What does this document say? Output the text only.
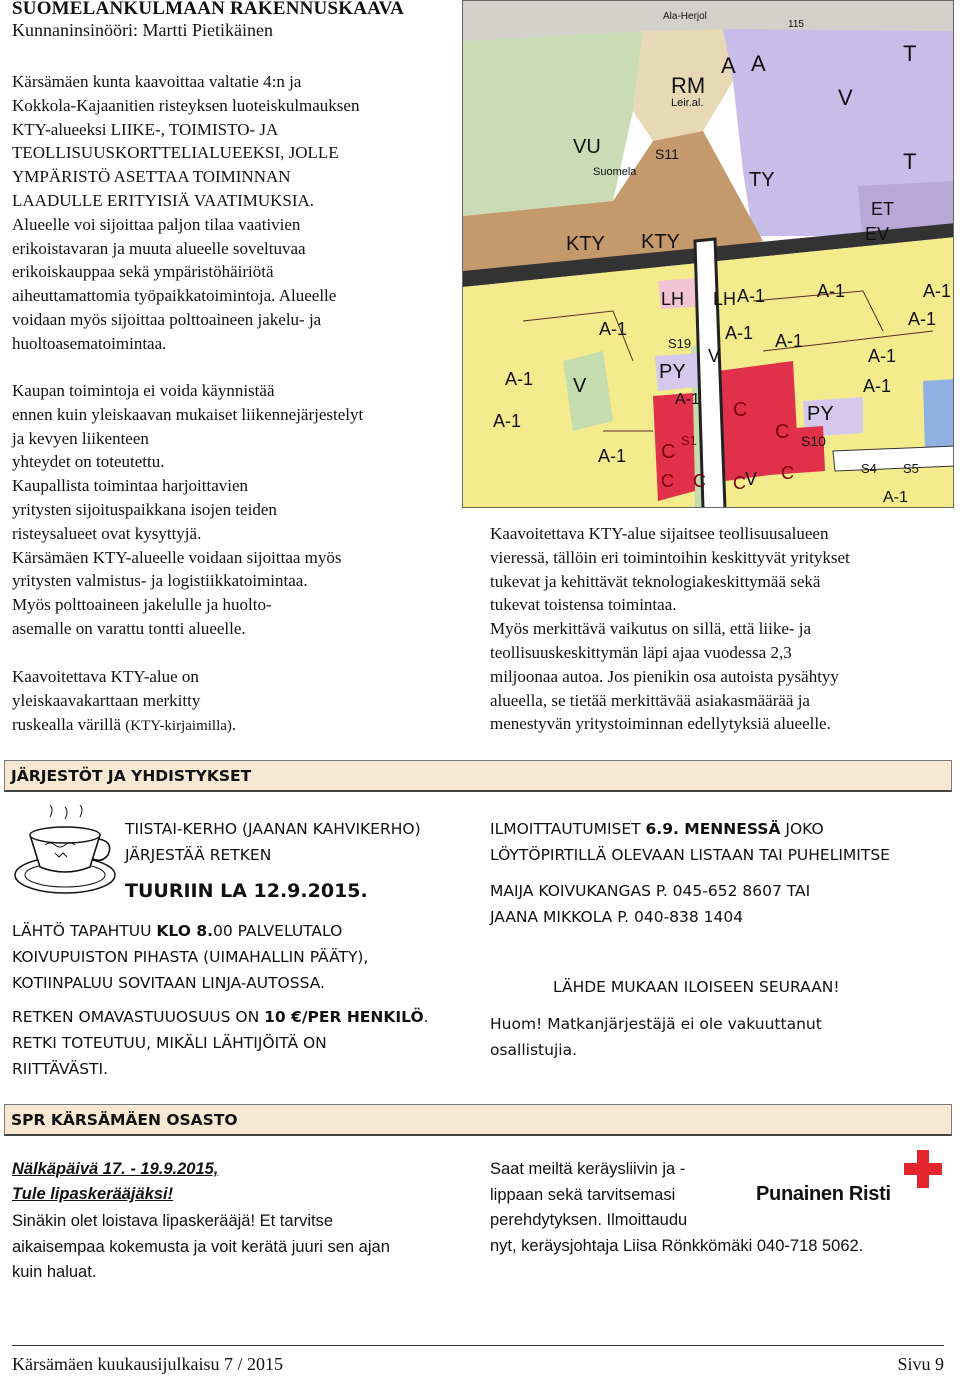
SUOMELANKULMAAN RAKENNUSKAAVA
Kunnaninsinööri: Martti Pietikäinen
Kärsämäen kunta kaavoittaa valtatie 4:n ja
Kokkola-Kajaanitien risteyksen luoteiskulmauksen
KTY-alueeksi LIIKE-, TOIMISTO- JA
TEOLLISUUSKORTTELIALUEEKSI, JOLLE
YMPÄRISTÖ ASETTAA TOIMINNAN
LAADULLE ERITYISIÄ VAATIMUKSIA.
Alueelle voi sijoittaa paljon tilaa vaativien
erikoistavaran ja muuta alueelle soveltuvaa
erikoiskauppaa sekä ympäristöhäiriötä
aiheuttamattomia työpaikkatoimintoja. Alueelle
voidaan myös sijoittaa polttoaineen jakelu- ja
huoltoasematoimintaa.
Kaupan toimintoja ei voida käynnistää
ennen kuin yleiskaavan mukaiset liikennejärjestelyt
ja kevyen liikenteen
yhteydet on toteutettu.
Kaupallista toimintaa harjoittavien
yritysten sijoituspaikkana isojen teiden
risteysalueet ovat kysyttyjä.
Kärsämäen KTY-alueelle voidaan sijoittaa myös
yritysten valmistus- ja logistiikkatoimintaa.
Myös polttoaineen jakelulle ja huolto-
asemalle on varattu tontti alueelle.
Kaavoitettava KTY-alue on
yleiskaavakarttaan merkitty
ruskealla värillä (KTY-kirjaimilla).
VU
Suomela
S11
RM
Leir.al.
A A
V
T
T
TY
KTY KTY
ET
EV
A-1	A-1
A-1
A-1
LH LH
A-1	A-1
S19
A-1
V
A-1
A-1
V
PY
A-1
A-1
A-1
C
C
C
S1
PY
S10
C	S4 S5
V
C C C
A-1
Ala-Herjol
115
A-1
Kaavoitettava KTY-alue sijaitsee teollisuusalueen
vieressä, tällöin eri toimintoihin keskittyvät yritykset
tukevat ja kehittävät teknologiakeskittymää sekä
tukevat toistensa toimintaa.
Myös merkittävä vaikutus on sillä, että liike- ja
teollisuuskeskittymän läpi ajaa vuodessa 2,3
miljoonaa autoa. Jos pienikin osa autoista pysähtyy
alueella, se tietää merkittävää asiakasmäärää ja
menestyvän yritystoiminnan edellytyksiä alueelle.
JÄRJESTÖT JA YHDISTYKSET
TIISTAI-KERHO (JAANAN KAHVIKERHO)
JÄRJESTÄÄ RETKEN
TUURIIN LA 12.9.2015.
LÄHTÖ TAPAHTUU KLO 8.00 PALVELUTALO
KOIVUPUISTON PIHASTA (UIMAHALLIN PÄÄTY),
KOTIINPALUU SOVITAAN LINJA-AUTOSSA.
RETKEN OMAVASTUUOSUUS ON 10 €/PER HENKILÖ.
RETKI TOTEUTUU, MIKÄLI LÄHTIJÖITÄ ON
RIITTÄVÄSTI.
ILMOITTAUTUMISET 6.9. MENNESSÄ JOKO
LÖYTÖPIRTILLÄ OLEVAAN LISTAAN TAI PUHELIMITSE
MAIJA KOIVUKANGAS P. 045-652 8607 TAI
JAANA MIKKOLA P. 040-838 1404
LÄHDE MUKAAN ILOISEEN SEURAAN!
Huom! Matkanjärjestäjä ei ole vakuuttanut
osallistujia.
SPR KÄRSÄMÄEN OSASTO
Nälkäpäivä 17. - 19.9.2015,
Tule lipaskerääjäksi!
Sinäkin olet loistava lipaskerääjä! Et tarvitse
aikaisempaa kokemusta ja voit kerätä juuri sen ajan
kuin haluat.
Saat meiltä keräysliivin ja -
lippaan sekä tarvitsemasi
perehdytyksen. Ilmoittaudu
nyt, keräysjohtaja Liisa Rönkkömäki 040-718 5062.
Punainen Risti
Kärsämäen kuukausijulkaisu 7 / 2015	Sivu 9
